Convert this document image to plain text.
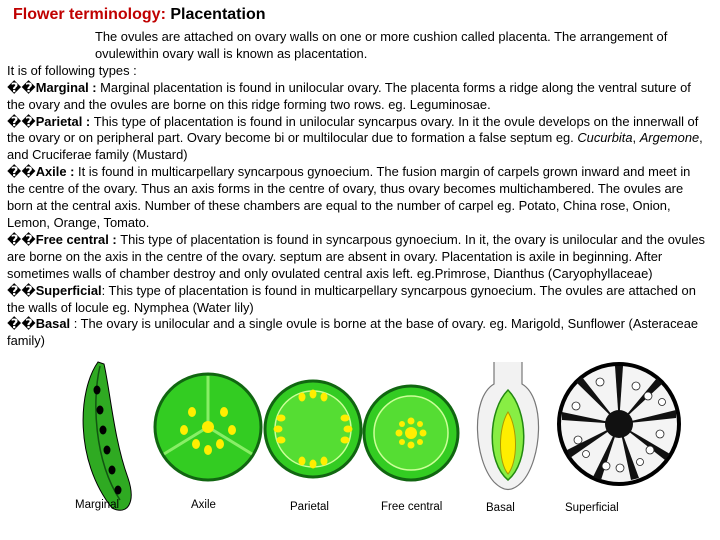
Flower terminology: Placentation

The ovules are attached on ovary walls on one or more cushion called placenta. The arrangement of ovulewithin ovary wall is known as placentation.

It is of following types :

��Marginal : Marginal placentation is found in unilocular ovary. The placenta forms a ridge along the ventral suture of the ovary and the ovules are borne on this ridge forming two rows. eg. Leguminosae.

��Parietal : This type of placentation is found in unilocular syncarpus ovary. In it the ovule develops on the innerwall of the ovary or on peripheral part. Ovary become bi or multilocular due to formation a false septum eg. Cucurbita, Argemone, and Cruciferae family (Mustard)

��Axile : It is found in multicarpellary syncarpous gynoecium. The fusion margin of carpels grown inward and meet in the centre of the ovary. Thus an axis forms in the centre of ovary, thus ovary becomes multichambered. The ovules are born at the central axis. Number of these chambers are equal to the number of carpel eg. Potato, China rose, Onion, Lemon, Orange, Tomato.

��Free central : This type of placentation is found in syncarpous gynoecium. In it, the ovary is unilocular and the ovules are borne on the axis in the centre of the ovary. septum are absent in ovary. Placentation is axile in beginning. After sometimes walls of chamber destroy and only ovulated central axis left. eg.Primrose, Dianthus (Caryophyllaceae)

��Superficial: This type of placentation is found in multicarpellary syncarpous gynoecium. The ovules are attached on the walls of locule eg. Nymphea (Water lily)

��Basal : The ovary is unilocular and a single ovule is borne at the base of ovary. eg. Marigold, Sunflower (Asteraceae family)

Marginal	Axile	Parietal	Free central	Basal	Superficial
